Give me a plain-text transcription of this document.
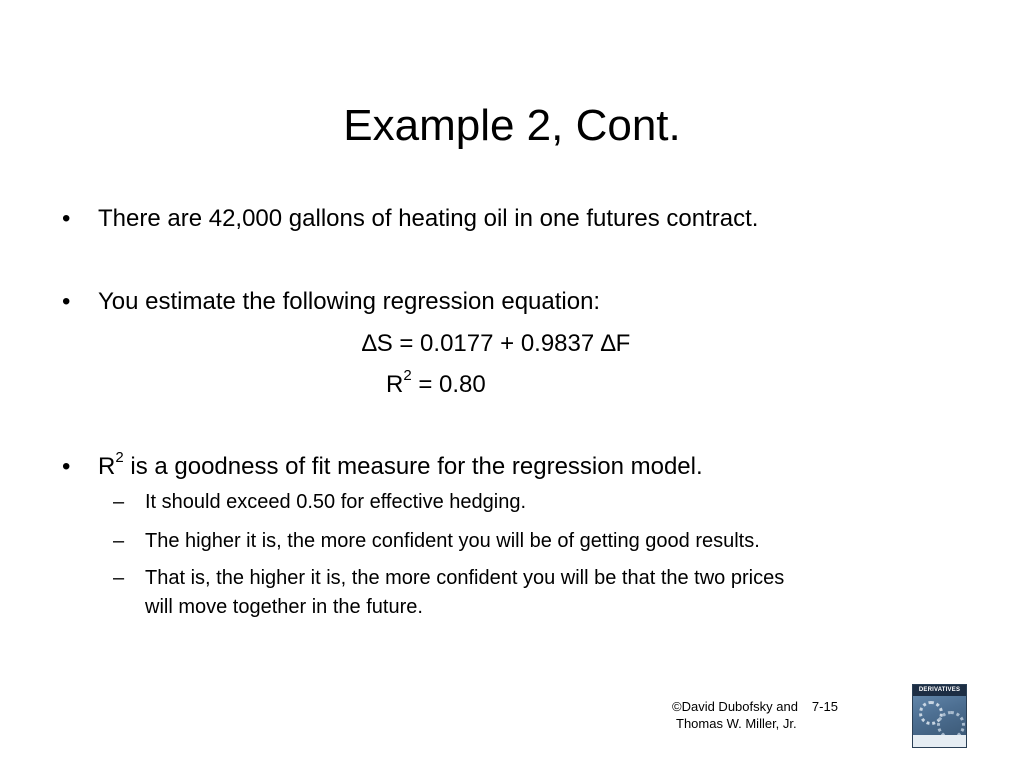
Example 2, Cont.
• There are 42,000 gallons of heating oil in one futures contract.
• You estimate the following regression equation:
∆S = 0.0177 + 0.9837 ∆F
$R^2 = 0.80$
• $R^2$ is a goodness of fit measure for the regression model.
– It should exceed 0.50 for effective hedging.
– The higher it is, the more confident you will be of getting good results.
– That is, the higher it is, the more confident you will be that the two prices
will move together in the future.
©David Dubofsky and 7-15
Thomas W. Miller, Jr.
DERIVATIVES
